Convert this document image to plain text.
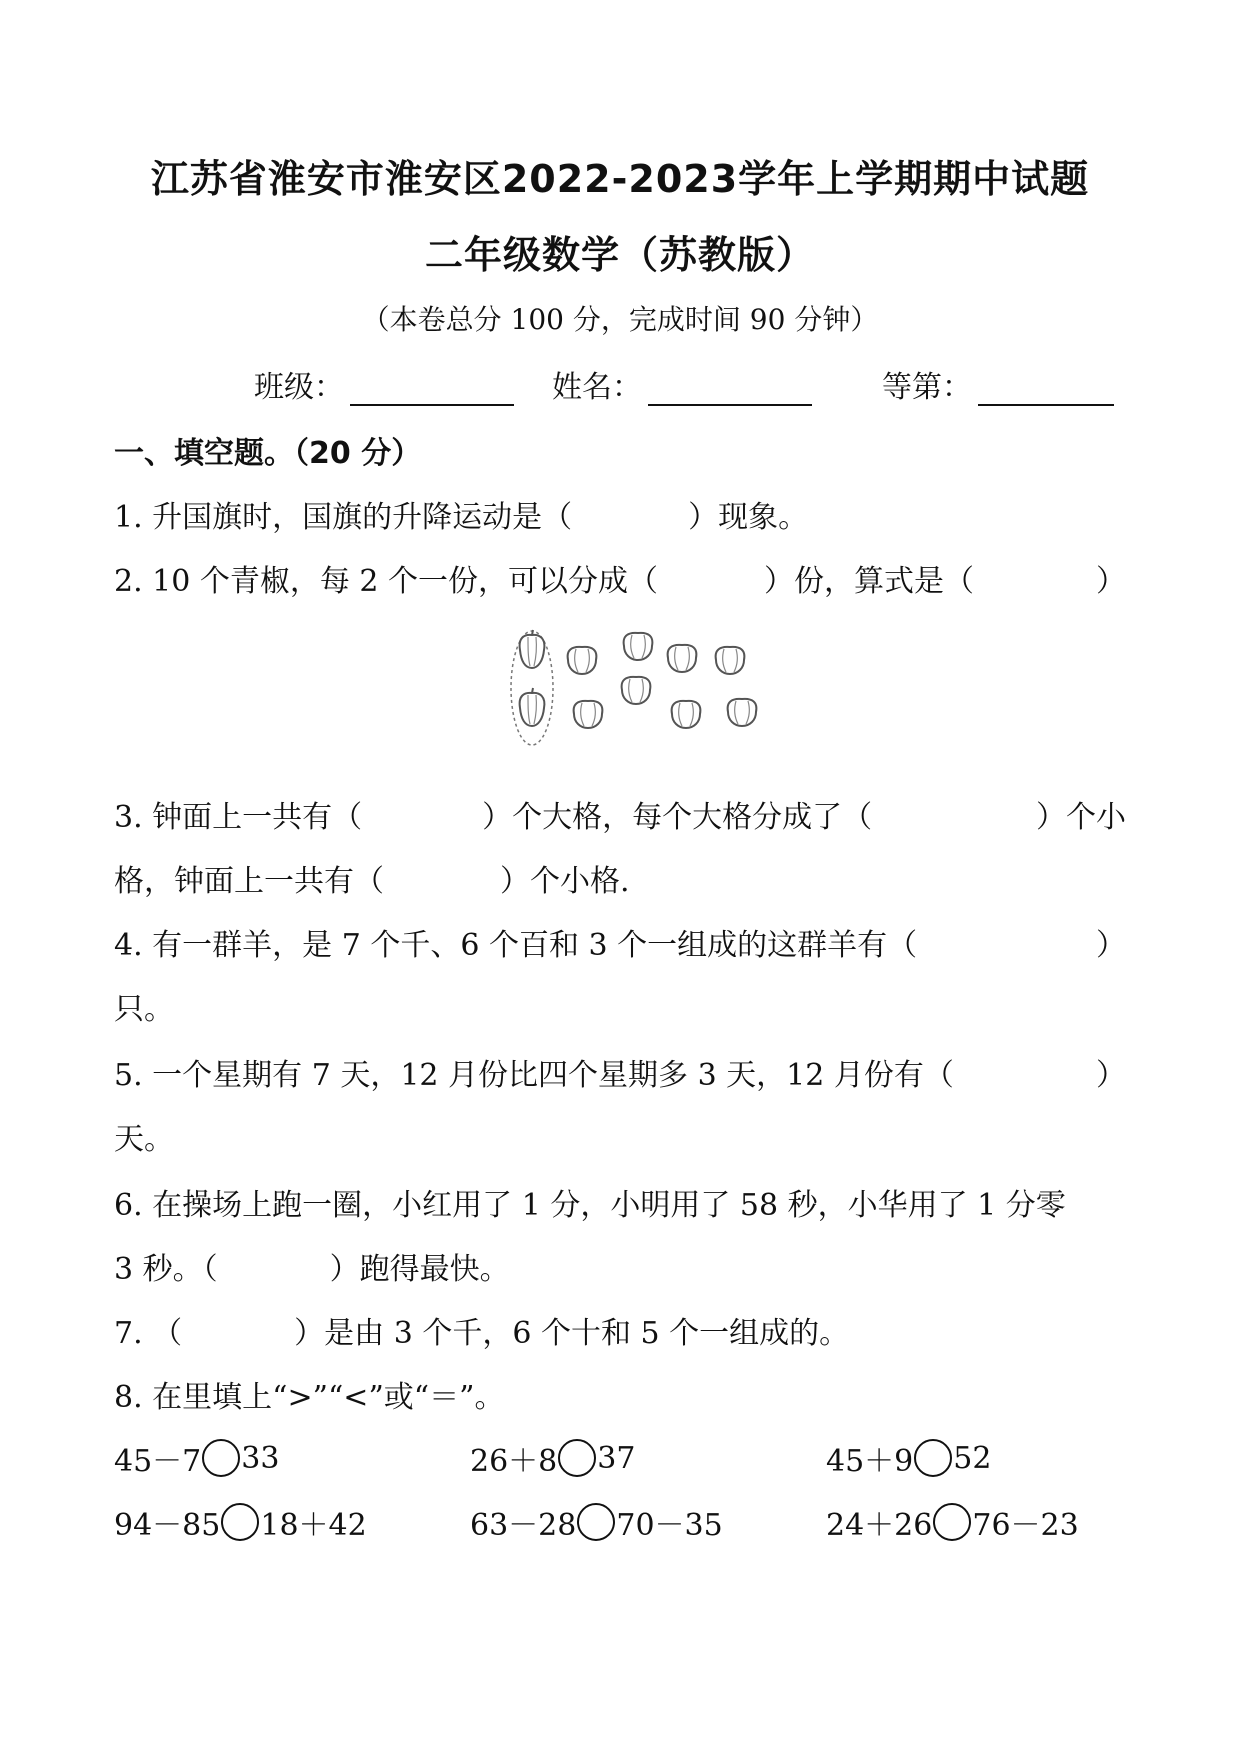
江苏省淮安市淮安区2022-2023学年上学期期中试题
二年级数学（苏教版）
（本卷总分 100 分，完成时间 90 分钟）
班级：	姓名：	等第：
一、填空题。（20 分）
1. 升国旗时，国旗的升降运动是（	）现象。
2. 10 个青椒，每 2 个一份，可以分成（	）份，算式是（	）
3. 钟面上一共有（	）个大格，每个大格分成了（	）个小
格，钟面上一共有（	）个小格.
4. 有一群羊，是 7 个千、6 个百和 3 个一组成的这群羊有（	）
只。
5. 一个星期有 7 天，12 月份比四个星期多 3 天，12 月份有（	）
天。
6. 在操场上跑一圈，小红用了 1 分，小明用了 58 秒，小华用了 1 分零
3 秒。（	）跑得最快。
7. （	）是由 3 个千，6 个十和 5 个一组成的。
8. 在里填上“>”“<”或“＝”。
45－7 33	26＋8 37	45＋9 52
94－85 18＋42	63－28 70－35	24＋26 76－23
